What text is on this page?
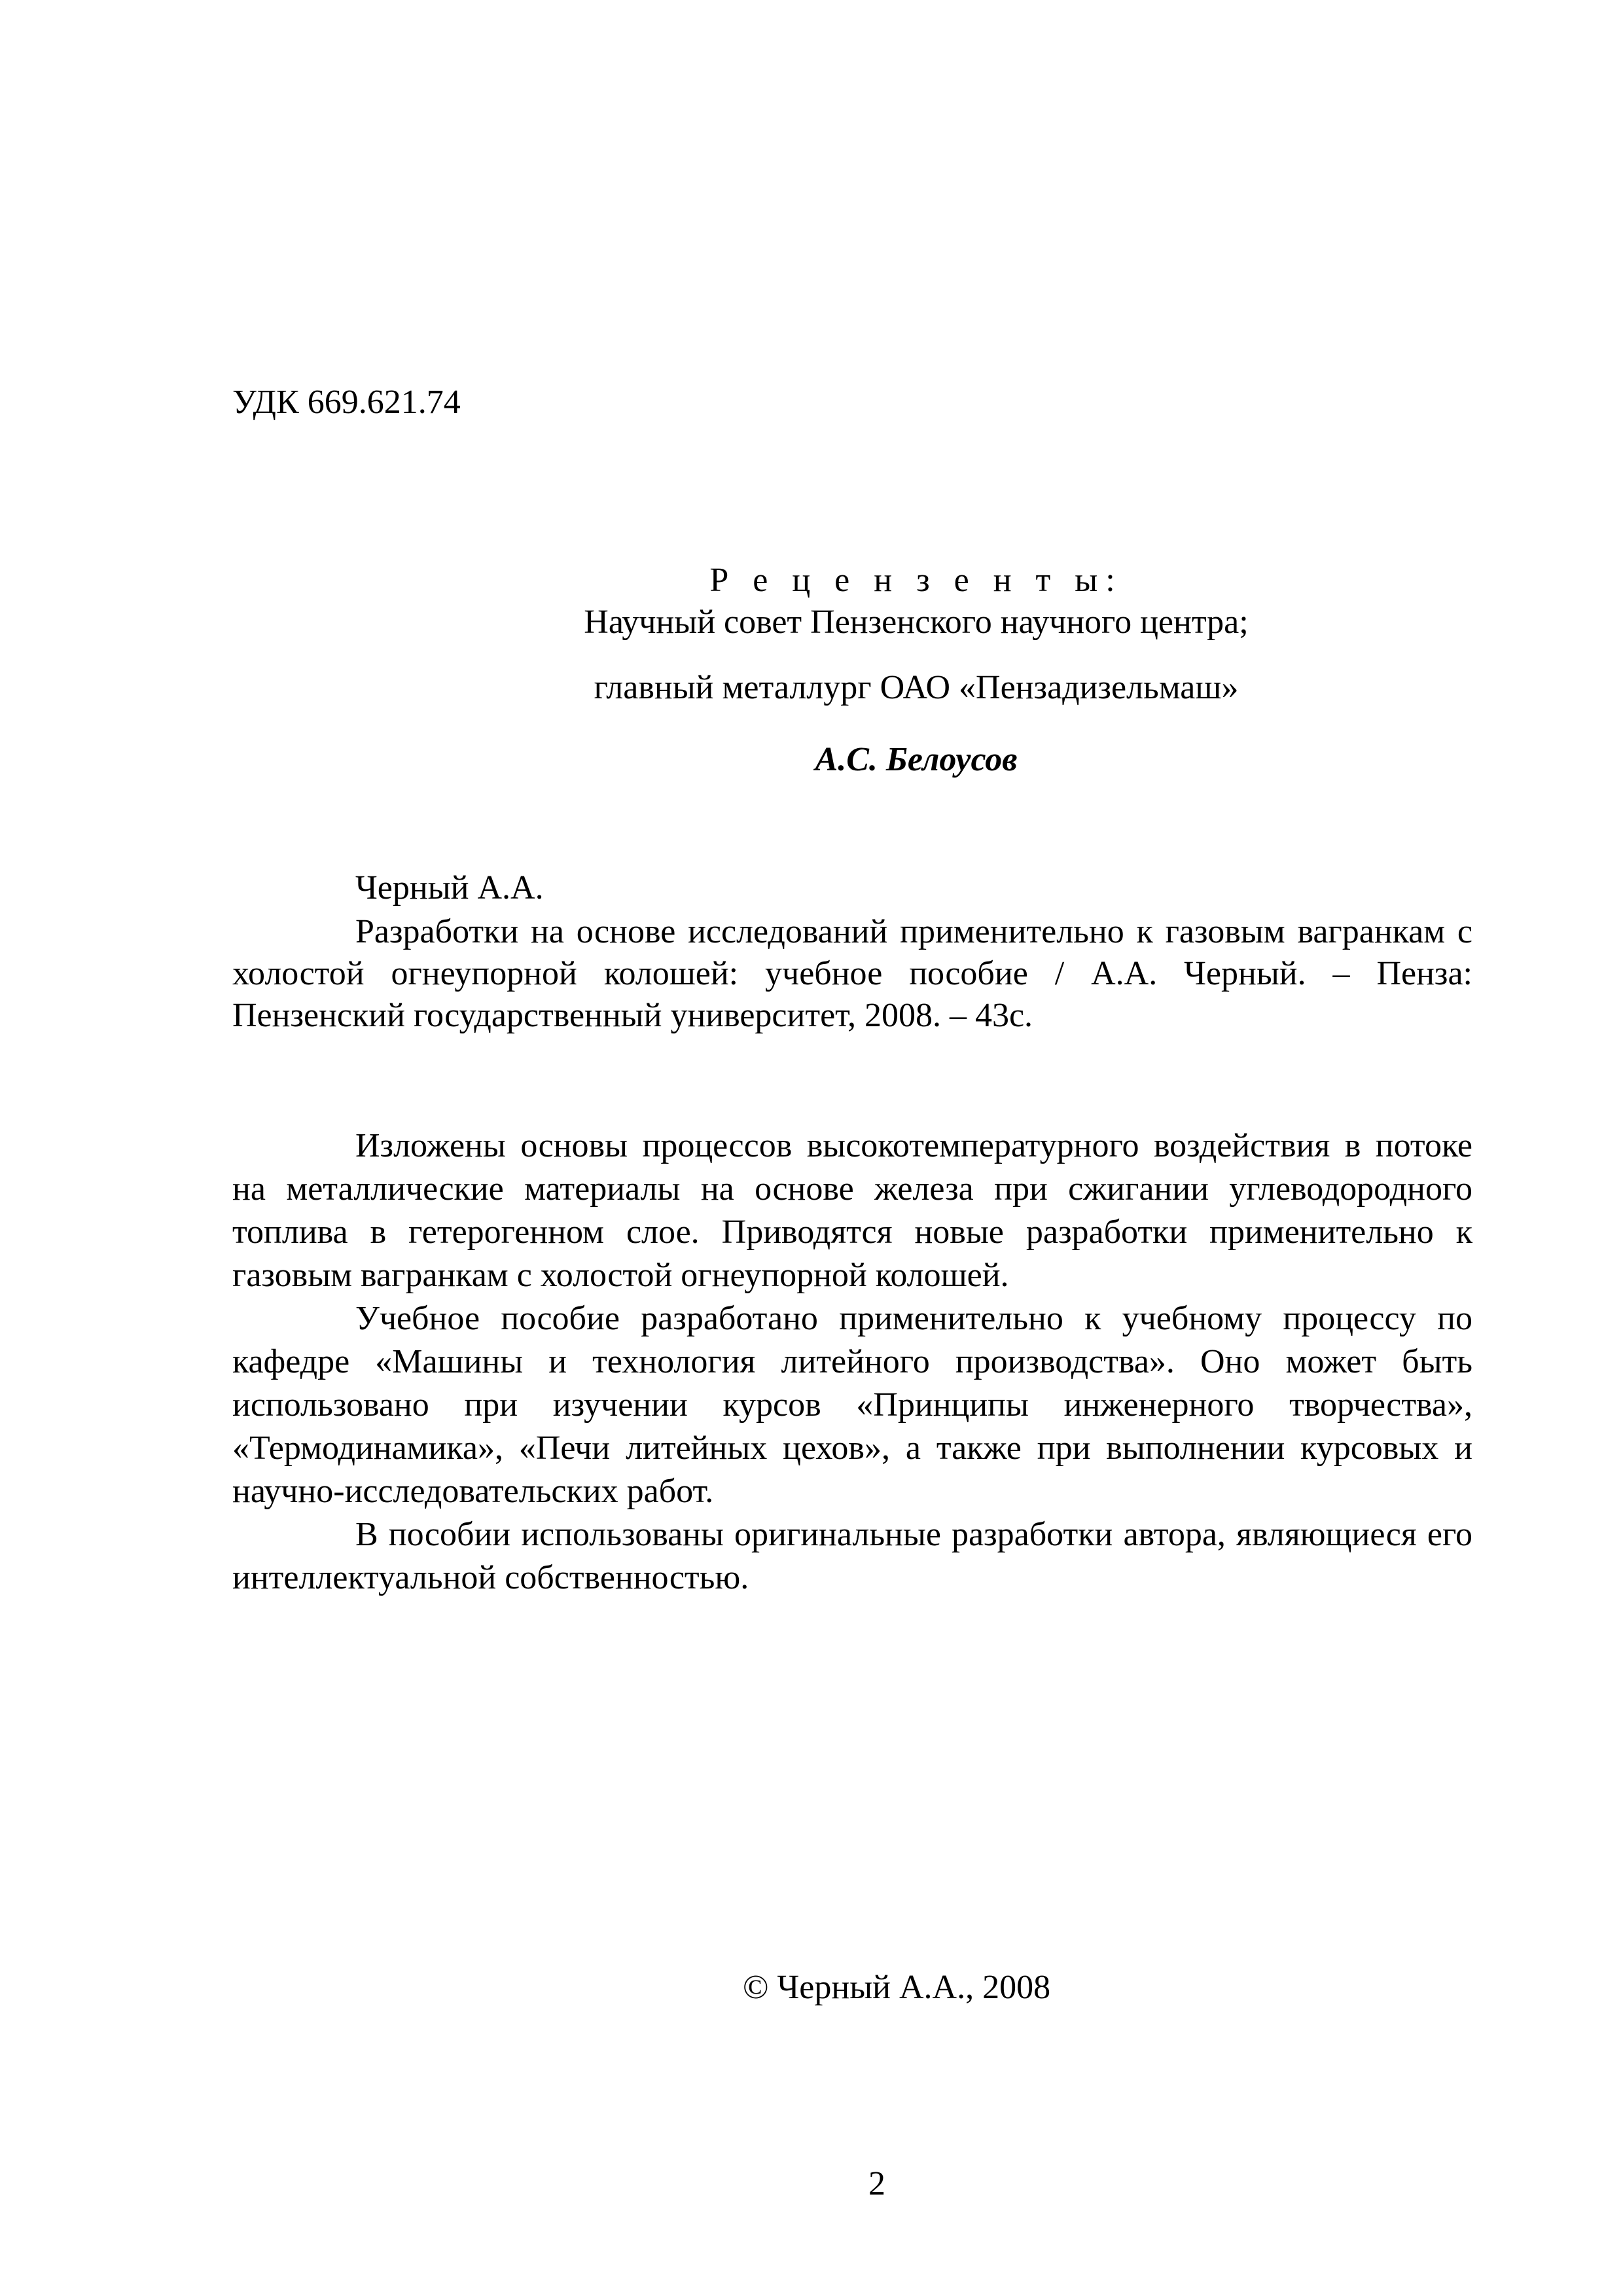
УДК 669.621.74
Р е ц е н з е н т ы:
Научный совет Пензенского научного центра;
главный металлург ОАО «Пензадизельмаш»
А.С. Белоусов
Черный А.А.

Разработки на основе исследований применительно к газовым вагранкам с холостой огнеупорной колошей: учебное пособие / А.А. Черный. – Пенза: Пензенский государственный университет, 2008. – 43с.

Изложены основы процессов высокотемпературного воздействия в потоке на металлические материалы на основе железа при сжигании углеводородного топлива в гетерогенном слое. Приводятся новые разработки применительно к газовым вагранкам с холостой огнеупорной колошей.

Учебное пособие разработано применительно к учебному процессу по кафедре «Машины и технология литейного производства». Оно может быть использовано при изучении курсов «Принципы инженерного творчества», «Термодинамика», «Печи литейных цехов», а также при выполнении курсовых и научно-исследовательских работ.

В пособии использованы оригинальные разработки автора, являющиеся его интеллектуальной собственностью.

© Черный А.А., 2008
2
